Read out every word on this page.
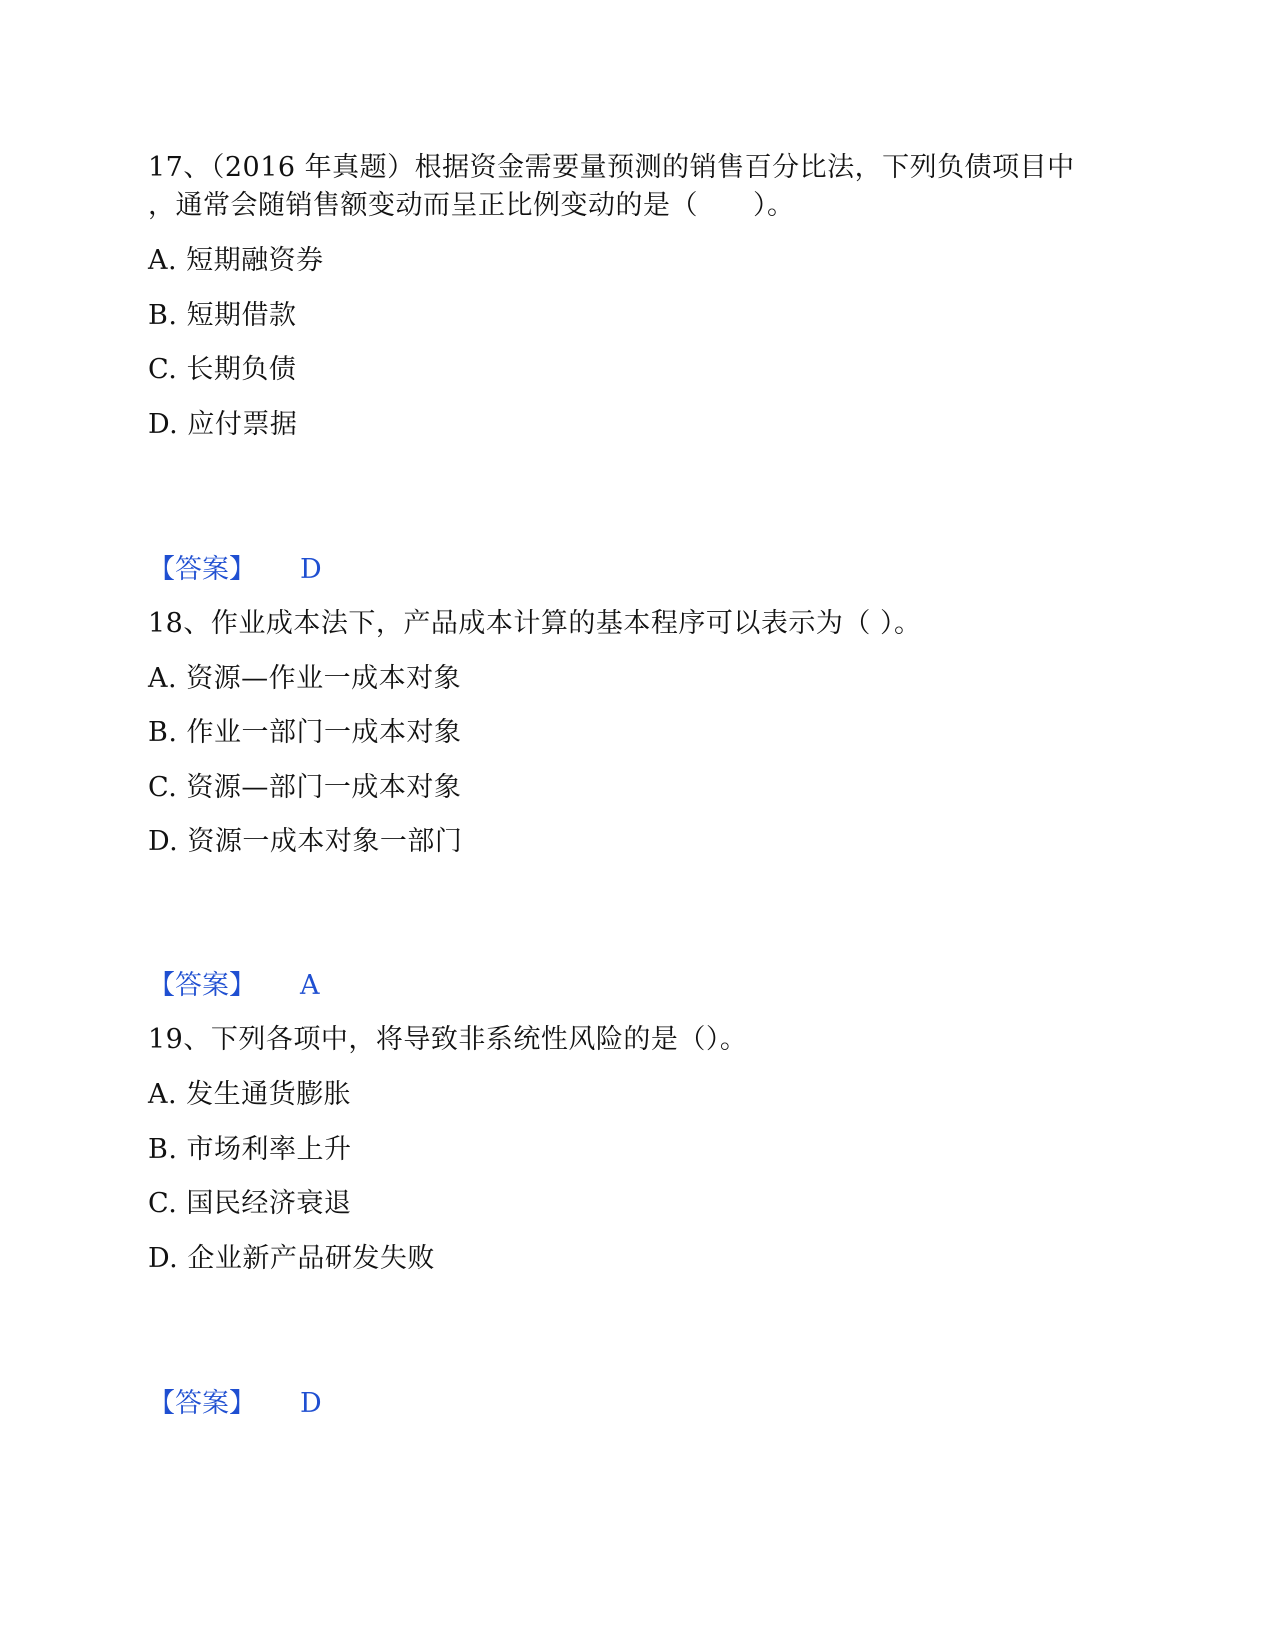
17、（2016 年真题）根据资金需要量预测的销售百分比法，下列负债项目中
，通常会随销售额变动而呈正比例变动的是（　　）。
A. 短期融资券
B. 短期借款
C. 长期负债
D. 应付票据
【答案】 D
18、作业成本法下，产品成本计算的基本程序可以表示为（ ）。
A. 资源—作业一成本对象
B. 作业一部门一成本对象
C. 资源—部门一成本对象
D. 资源一成本对象一部门
【答案】 A
19、下列各项中，将导致非系统性风险的是（）。
A. 发生通货膨胀
B. 市场利率上升
C. 国民经济衰退
D. 企业新产品研发失败
【答案】 D
